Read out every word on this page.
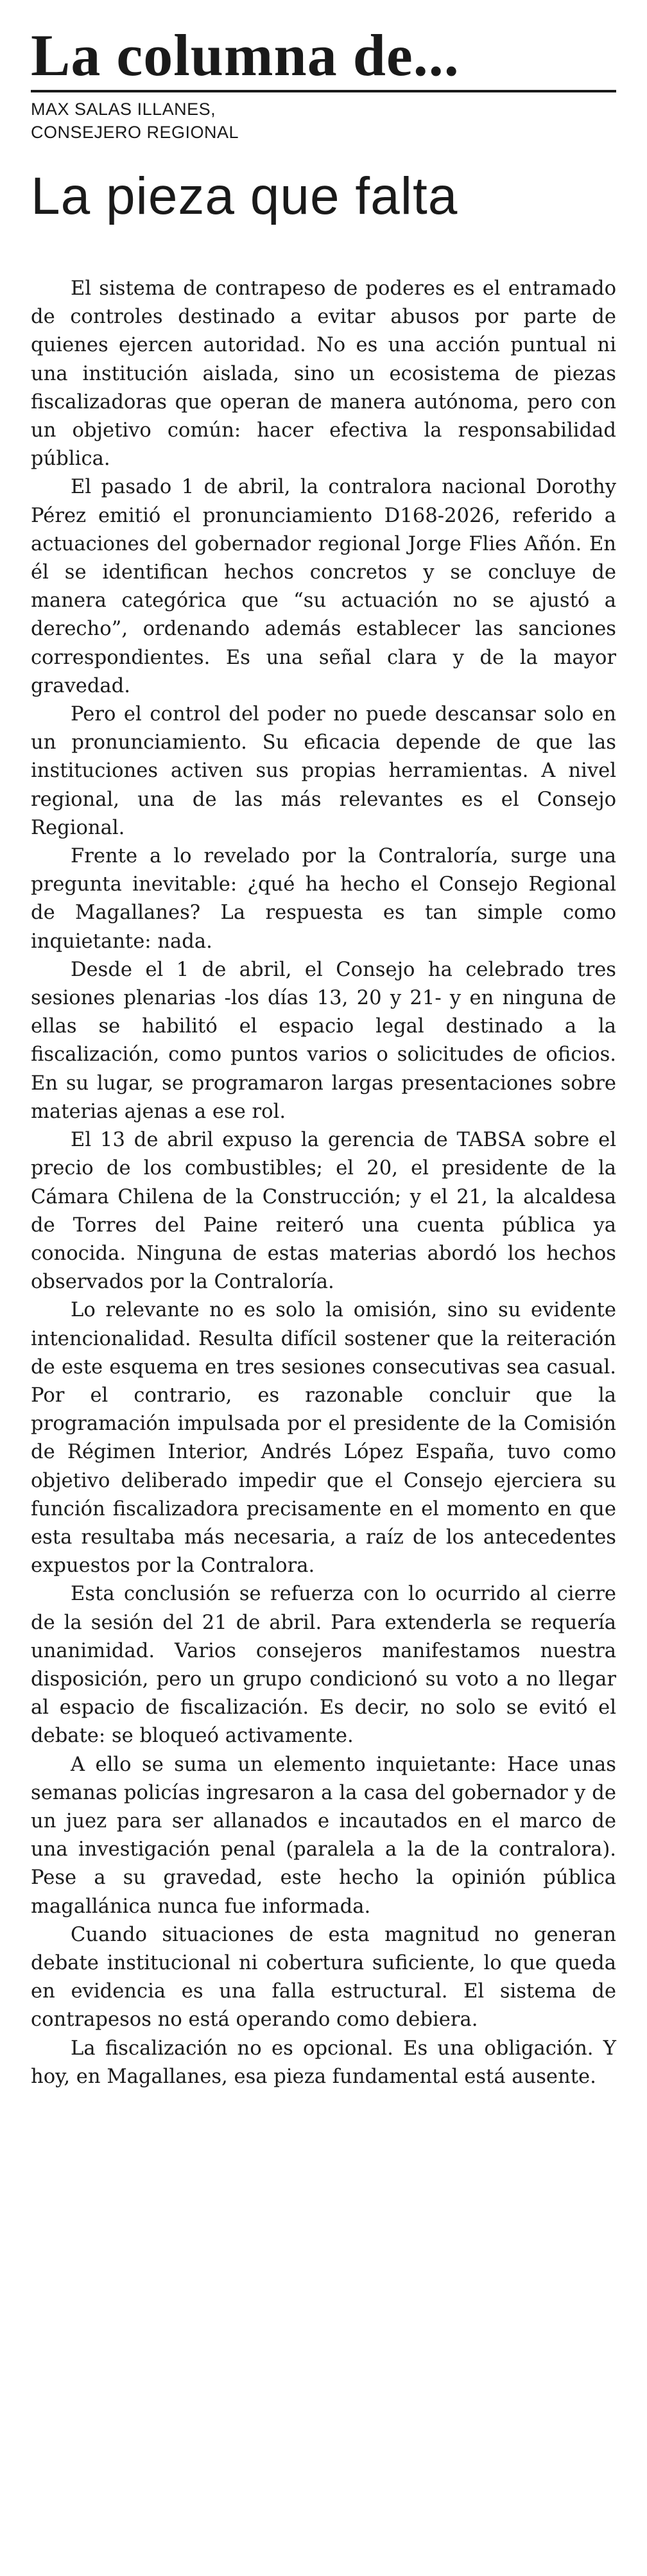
La columna de...
MAX SALAS ILLANES,
CONSEJERO REGIONAL
La pieza que falta

El sistema de contrapeso de poderes es el entramado de controles destinado a evitar abusos por parte de quienes ejercen autoridad. No es una acción puntual ni una institución aislada, sino un ecosistema de piezas fiscalizadoras que operan de manera autónoma, pero con un objetivo común: hacer efectiva la responsabilidad pública.

El pasado 1 de abril, la contralora nacional Dorothy Pérez emitió el pronunciamiento D168-2026, referido a actuaciones del gobernador regional Jorge Flies Añón. En él se identifican hechos concretos y se concluye de manera categórica que “su actuación no se ajustó a derecho”, ordenando además establecer las sanciones correspondientes. Es una señal clara y de la mayor gravedad.

Pero el control del poder no puede descansar solo en un pronunciamiento. Su eficacia depende de que las instituciones activen sus propias herramientas. A nivel regional, una de las más relevantes es el Consejo Regional.

Frente a lo revelado por la Contraloría, surge una pregunta inevitable: ¿qué ha hecho el Consejo Regional de Magallanes? La respuesta es tan simple como inquietante: nada.

Desde el 1 de abril, el Consejo ha celebrado tres sesiones plenarias -los días 13, 20 y 21- y en ninguna de ellas se habilitó el espacio legal destinado a la fiscalización, como puntos varios o solicitudes de oficios. En su lugar, se programaron largas presentaciones sobre materias ajenas a ese rol.

El 13 de abril expuso la gerencia de TABSA sobre el precio de los combustibles; el 20, el presidente de la Cámara Chilena de la Construcción; y el 21, la alcaldesa de Torres del Paine reiteró una cuenta pública ya conocida. Ninguna de estas materias abordó los hechos observados por la Contraloría.

Lo relevante no es solo la omisión, sino su evidente intencionalidad. Resulta difícil sostener que la reiteración de este esquema en tres sesiones consecutivas sea casual. Por el contrario, es razonable concluir que la programación impulsada por el presidente de la Comisión de Régimen Interior, Andrés López España, tuvo como objetivo deliberado impedir que el Consejo ejerciera su función fiscalizadora precisamente en el momento en que esta resultaba más necesaria, a raíz de los antecedentes expuestos por la Contralora.

Esta conclusión se refuerza con lo ocurrido al cierre de la sesión del 21 de abril. Para extenderla se requería unanimidad. Varios consejeros manifestamos nuestra disposición, pero un grupo condicionó su voto a no llegar al espacio de fiscalización. Es decir, no solo se evitó el debate: se bloqueó activamente.

A ello se suma un elemento inquietante: Hace unas semanas policías ingresaron a la casa del gobernador y de un juez para ser allanados e incautados en el marco de una investigación penal (paralela a la de la contralora). Pese a su gravedad, este hecho la opinión pública magallánica nunca fue informada.

Cuando situaciones de esta magnitud no generan debate institucional ni cobertura suficiente, lo que queda en evidencia es una falla estructural. El sistema de contrapesos no está operando como debiera.

La fiscalización no es opcional. Es una obligación. Y hoy, en Magallanes, esa pieza fundamental está ausente.
